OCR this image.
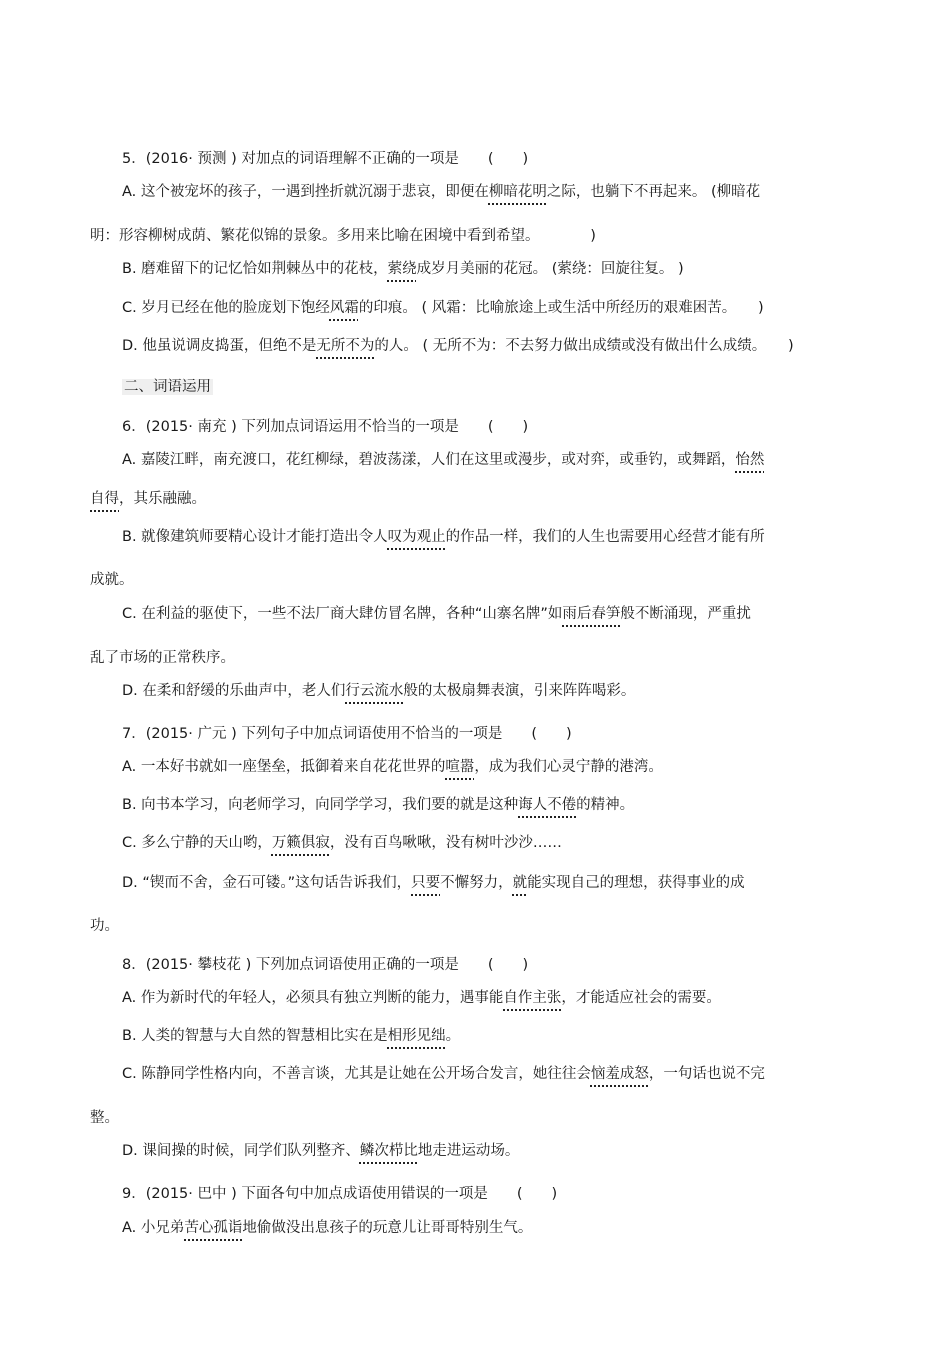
5．(2016· 预测 ) 对加点的词语理解不正确的一项是　　(　　)
A. 这个被宠坏的孩子，一遇到挫折就沉溺于悲哀，即便在柳暗花明之际，也躺下不再起来。 (柳暗花
明：形容柳树成荫、繁花似锦的景象。多用来比喻在困境中看到希望。　　　　)
B. 磨难留下的记忆恰如荆棘丛中的花枝，萦绕成岁月美丽的花冠。 (萦绕：回旋往复。 )
C. 岁月已经在他的脸庞划下饱经风霜的印痕。 ( 风霜：比喻旅途上或生活中所经历的艰难困苦。　　)
D. 他虽说调皮捣蛋，但绝不是无所不为的人。 ( 无所不为：不去努力做出成绩或没有做出什么成绩。　　)
二、词语运用
6．(2015· 南充 ) 下列加点词语运用不恰当的一项是　　(　　)
A. 嘉陵江畔，南充渡口，花红柳绿，碧波荡漾，人们在这里或漫步，或对弈，或垂钓，或舞蹈，怡然
自得，其乐融融。
B. 就像建筑师要精心设计才能打造出令人叹为观止的作品一样，我们的人生也需要用心经营才能有所
成就。
C. 在利益的驱使下，一些不法厂商大肆仿冒名牌，各种“山寨名牌”如雨后春笋般不断涌现，严重扰
乱了市场的正常秩序。
D. 在柔和舒缓的乐曲声中，老人们行云流水般的太极扇舞表演，引来阵阵喝彩。
7．(2015· 广元 ) 下列句子中加点词语使用不恰当的一项是　　(　　)
A. 一本好书就如一座堡垒，抵御着来自花花世界的喧嚣，成为我们心灵宁静的港湾。
B. 向书本学习，向老师学习，向同学学习，我们要的就是这种诲人不倦的精神。
C. 多么宁静的天山哟，万籁俱寂，没有百鸟啾啾，没有树叶沙沙……
D. “锲而不舍，金石可镂。”这句话告诉我们，只要不懈努力，就能实现自己的理想，获得事业的成
功。
8．(2015· 攀枝花 ) 下列加点词语使用正确的一项是　　(　　)
A. 作为新时代的年轻人，必须具有独立判断的能力，遇事能自作主张，才能适应社会的需要。
B. 人类的智慧与大自然的智慧相比实在是相形见绌。
C. 陈静同学性格内向，不善言谈，尤其是让她在公开场合发言，她往往会恼羞成怒，一句话也说不完
整。
D. 课间操的时候，同学们队列整齐、鳞次栉比地走进运动场。
9．(2015· 巴中 ) 下面各句中加点成语使用错误的一项是　　(　　)
A. 小兄弟苦心孤诣地偷做没出息孩子的玩意儿让哥哥特别生气。
